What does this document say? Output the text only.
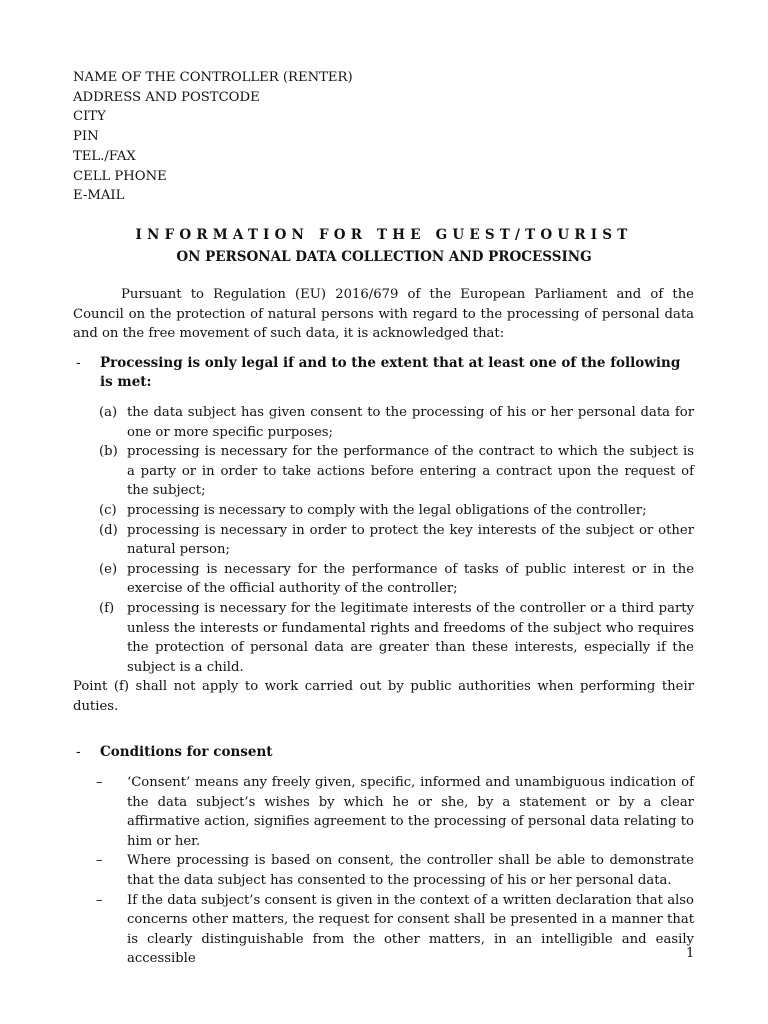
NAME OF THE CONTROLLER (RENTER)
ADDRESS AND POSTCODE
CITY
PIN
TEL./FAX
CELL PHONE
E-MAIL
INFORMATION FOR THE GUEST/TOURIST
ON PERSONAL DATA COLLECTION AND PROCESSING

Pursuant to Regulation (EU) 2016/679 of the European Parliament and of the Council on the protection of natural persons with regard to the processing of personal data and on the free movement of such data, it is acknowledged that:

- Processing is only legal if and to the extent that at least one of the following is met:
(a) the data subject has given consent to the processing of his or her personal data for one or more specific purposes;
(b) processing is necessary for the performance of the contract to which the subject is a party or in order to take actions before entering a contract upon the request of the subject;
(c) processing is necessary to comply with the legal obligations of the controller;
(d) processing is necessary in order to protect the key interests of the subject or other natural person;
(e) processing is necessary for the performance of tasks of public interest or in the exercise of the official authority of the controller;
(f) processing is necessary for the legitimate interests of the controller or a third party unless the interests or fundamental rights and freedoms of the subject who requires the protection of personal data are greater than these interests, especially if the subject is a child.

Point (f) shall not apply to work carried out by public authorities when performing their duties.

- Conditions for consent
– ‘Consent’ means any freely given, specific, informed and unambiguous indication of the data subject’s wishes by which he or she, by a statement or by a clear affirmative action, signifies agreement to the processing of personal data relating to him or her.
– Where processing is based on consent, the controller shall be able to demonstrate that the data subject has consented to the processing of his or her personal data.
– If the data subject’s consent is given in the context of a written declaration that also concerns other matters, the request for consent shall be presented in a manner that is clearly distinguishable from the other matters, in an intelligible and easily accessible	1
